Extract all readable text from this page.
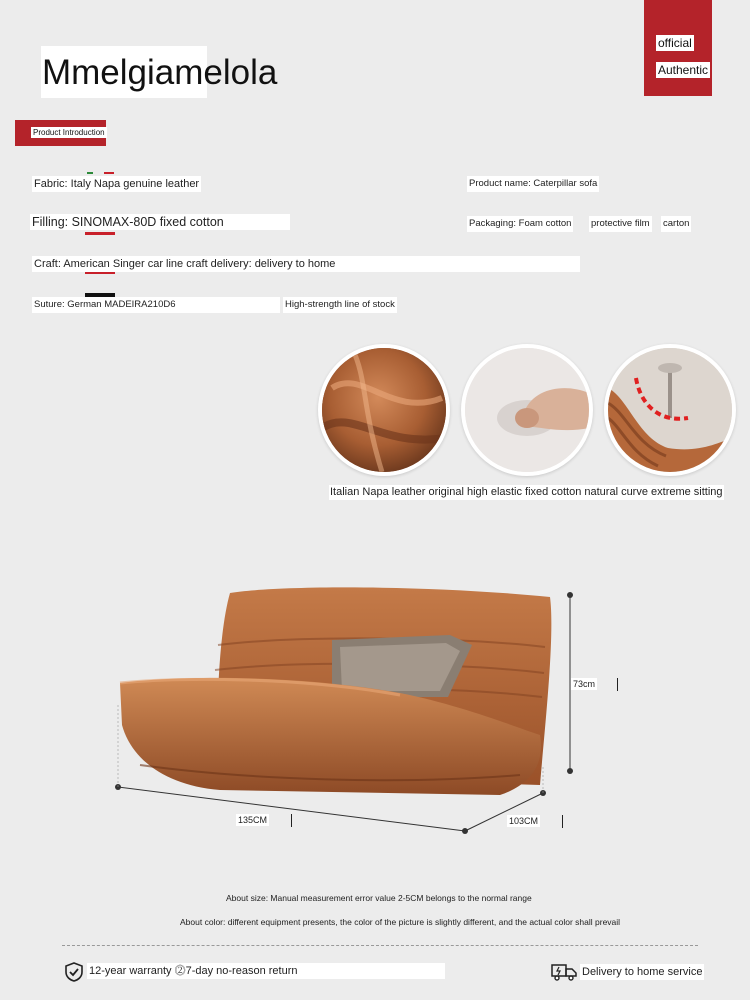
Mmelgiamelola
official
Authentic
Product Introduction
Fabric: Italy Napa genuine leather
Filling: SINOMAX-80D fixed cotton
Craft: American Singer car line craft delivery: delivery to home
Suture: German MADEIRA210D6	High-strength line of stock
Product name: Caterpillar sofa
Packaging: Foam cotton protective film carton
Italian Napa leather original high elastic fixed cotton natural curve extreme sitting
73cm
135CM	103CM
About size: Manual measurement error value 2-5CM belongs to the normal range
About color: different equipment presents, the color of the picture is slightly different, and the actual color shall prevail
12-year warranty ⓶7-day no-reason return	Delivery to home service
